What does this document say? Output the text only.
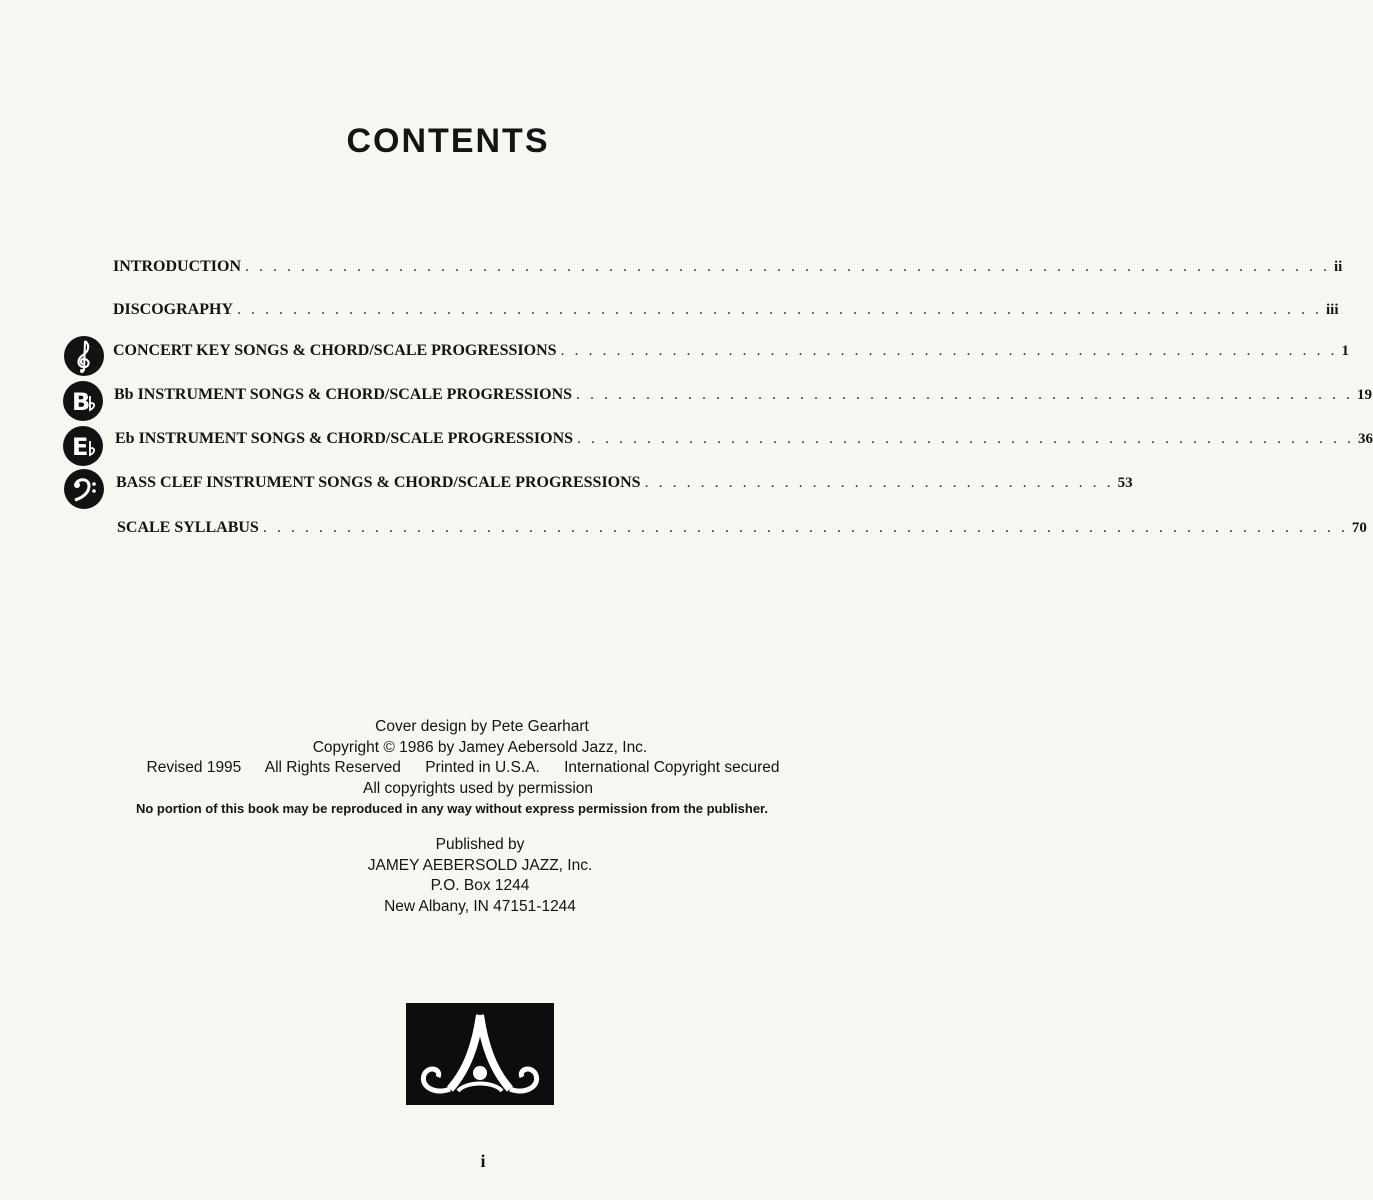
CONTENTS
INTRODUCTION . . . . . . . . . . . . . . . . . . . . . . . . . . . . . . . . . . . . . . . . . . . . . . . . . . . . . . . . . . . . . . . . . . . . . . . . . . . . . . ii
DISCOGRAPHY . . . . . . . . . . . . . . . . . . . . . . . . . . . . . . . . . . . . . . . . . . . . . . . . . . . . . . . . . . . . . . . . . . . . . . . . . . . . . . iii
CONCERT KEY SONGS & CHORD/SCALE PROGRESSIONS . . . . . . . . . . . . . . . . . . . . . . . . . . . . . . . . . . . . . . . . . . . . . . . . . . . . . . . . 1
B Bb INSTRUMENT SONGS & CHORD/SCALE PROGRESSIONS . . . . . . . . . . . . . . . . . . . . . . . . . . . . . . . . . . . . . . . . . . . . . . . . . . . . . . . . 19
E Eb INSTRUMENT SONGS & CHORD/SCALE PROGRESSIONS . . . . . . . . . . . . . . . . . . . . . . . . . . . . . . . . . . . . . . . . . . . . . . . . . . . . . . . . 36
BASS CLEF INSTRUMENT SONGS & CHORD/SCALE PROGRESSIONS . . . . . . . . . . . . . . . . . . . . . . . . . . . . . . . . . . 53
SCALE SYLLABUS . . . . . . . . . . . . . . . . . . . . . . . . . . . . . . . . . . . . . . . . . . . . . . . . . . . . . . . . . . . . . . . . . . . . . . . . . . . . . . 70
Cover design by Pete Gearhart
Copyright © 1986 by Jamey Aebersold Jazz, Inc.
Revised 1995 All Rights Reserved Printed in U.S.A. International Copyright secured
All copyrights used by permission
No portion of this book may be reproduced in any way without express permission from the publisher.
Published by
JAMEY AEBERSOLD JAZZ, Inc.
P.O. Box 1244
New Albany, IN 47151-1244
i
